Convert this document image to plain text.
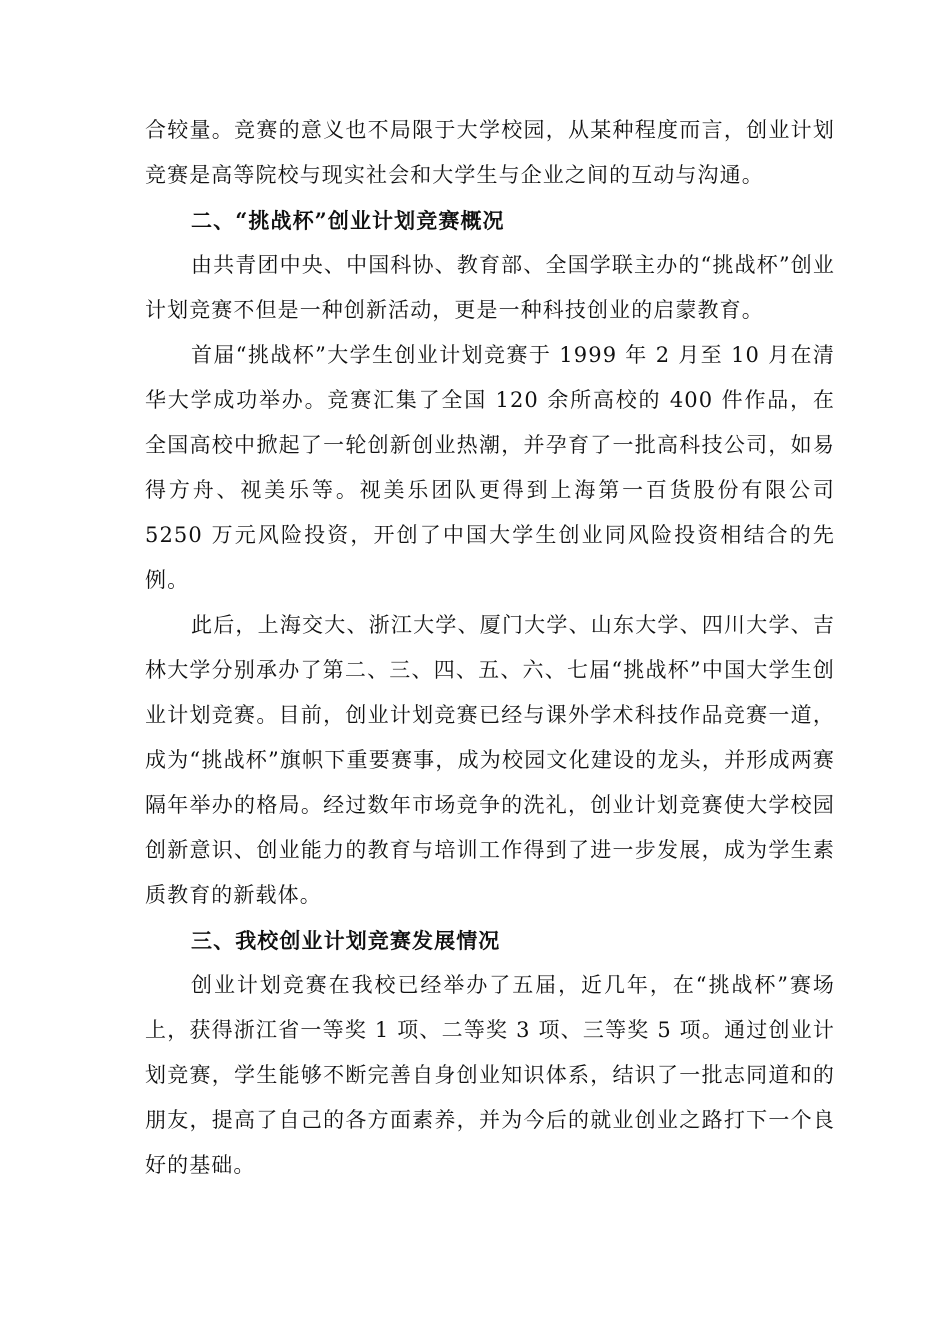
合较量。竞赛的意义也不局限于大学校园，从某种程度而言，创业计划竞赛是高等院校与现实社会和大学生与企业之间的互动与沟通。

二、“挑战杯”创业计划竞赛概况

由共青团中央、中国科协、教育部、全国学联主办的“挑战杯”创业计划竞赛不但是一种创新活动，更是一种科技创业的启蒙教育。

首届“挑战杯”大学生创业计划竞赛于 1999 年 2 月至 10 月在清华大学成功举办。竞赛汇集了全国 120 余所高校的 400 件作品，在全国高校中掀起了一轮创新创业热潮，并孕育了一批高科技公司，如易得方舟、视美乐等。视美乐团队更得到上海第一百货股份有限公司 5250 万元风险投资，开创了中国大学生创业同风险投资相结合的先例。

此后，上海交大、浙江大学、厦门大学、山东大学、四川大学、吉林大学分别承办了第二、三、四、五、六、七届“挑战杯”中国大学生创业计划竞赛。目前，创业计划竞赛已经与课外学术科技作品竞赛一道，成为“挑战杯”旗帜下重要赛事，成为校园文化建设的龙头，并形成两赛隔年举办的格局。经过数年市场竞争的洗礼，创业计划竞赛使大学校园创新意识、创业能力的教育与培训工作得到了进一步发展，成为学生素质教育的新载体。

三、我校创业计划竞赛发展情况

创业计划竞赛在我校已经举办了五届，近几年，在“挑战杯”赛场上，获得浙江省一等奖 1 项、二等奖 3 项、三等奖 5 项。通过创业计划竞赛，学生能够不断完善自身创业知识体系，结识了一批志同道和的朋友，提高了自己的各方面素养，并为今后的就业创业之路打下一个良好的基础。
